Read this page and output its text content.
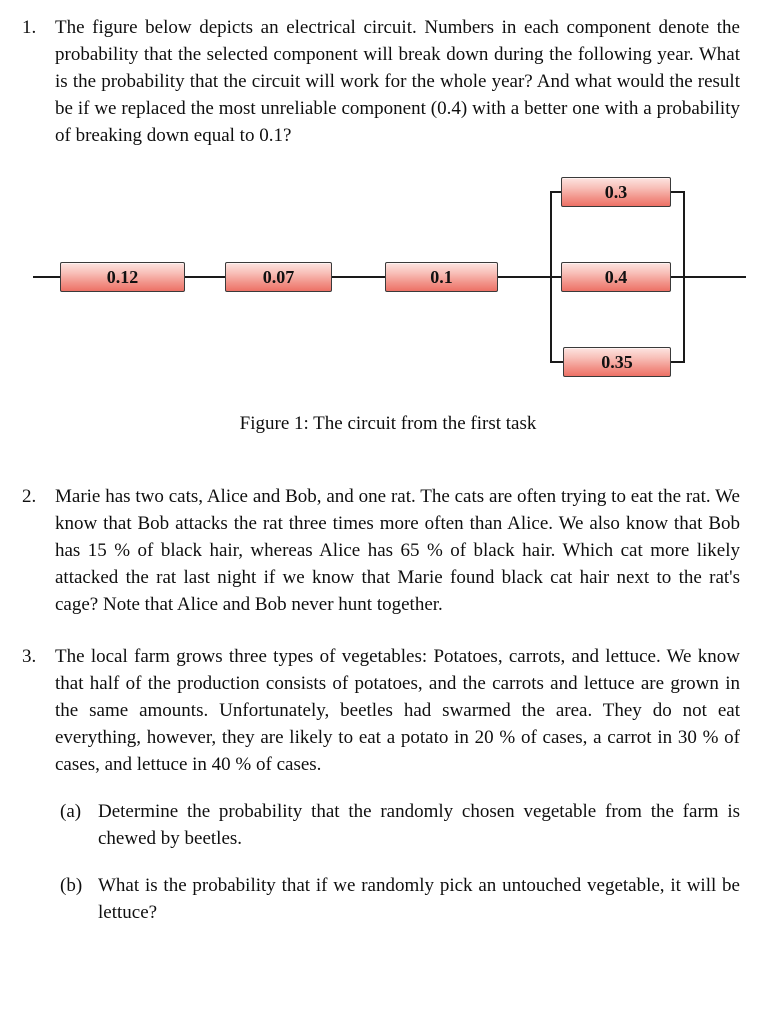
1. The figure below depicts an electrical circuit. Numbers in each component denote the probability that the selected component will break down during the following year. What is the probability that the circuit will work for the whole year? And what would the result be if we replaced the most unreliable component (0.4) with a better one with a probability of breaking down equal to 0.1?

0.12	0.07	0.1
0.3
0.4
0.35
Figure 1: The circuit from the first task
2. Marie has two cats, Alice and Bob, and one rat. The cats are often trying to eat the rat. We know that Bob attacks the rat three times more often than Alice. We also know that Bob has 15 % of black hair, whereas Alice has 65 % of black hair. Which cat more likely attacked the rat last night if we know that Marie found black cat hair next to the rat's cage? Note that Alice and Bob never hunt together.

3. The local farm grows three types of vegetables: Potatoes, carrots, and lettuce. We know that half of the production consists of potatoes, and the carrots and lettuce are grown in the same amounts. Unfortunately, beetles had swarmed the area. They do not eat everything, however, they are likely to eat a potato in 20 % of cases, a carrot in 30 % of cases, and lettuce in 40 % of cases.

(a) Determine the probability that the randomly chosen vegetable from the farm is chewed by beetles.

(b) What is the probability that if we randomly pick an untouched vegetable, it will be lettuce?
